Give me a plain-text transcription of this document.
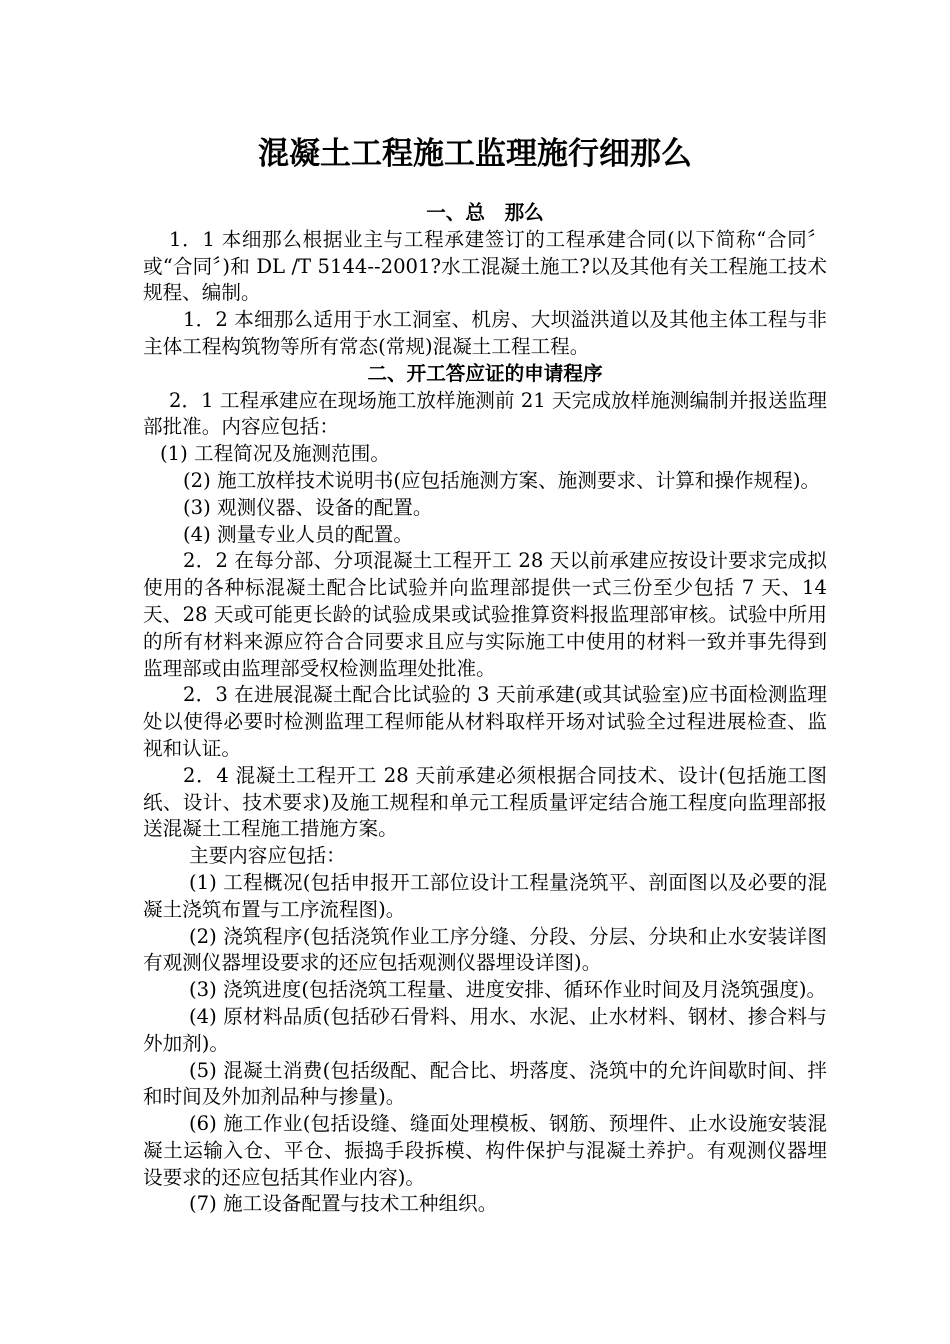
混凝土工程施工监理施行细那么

一、总　那么

1．1 本细那么根据业主与工程承建签订的工程承建合同(以下简称“合同〞或“合同〞)和 DL /T 5144--2001?水工混凝土施工?以及其他有关工程施工技术规程、编制。

1．2 本细那么适用于水工洞室、机房、大坝溢洪道以及其他主体工程与非主体工程构筑物等所有常态(常规)混凝土工程工程。

二、开工答应证的申请程序

2．1 工程承建应在现场施工放样施测前 21 天完成放样施测编制并报送监理部批准。内容应包括：

(1) 工程简况及施测范围。

(2) 施工放样技术说明书(应包括施测方案、施测要求、计算和操作规程)。

(3) 观测仪器、设备的配置。

(4) 测量专业人员的配置。

2．2 在每分部、分项混凝土工程开工 28 天以前承建应按设计要求完成拟使用的各种标混凝土配合比试验并向监理部提供一式三份至少包括 7 天、14 天、28 天或可能更长龄的试验成果或试验推算资料报监理部审核。试验中所用的所有材料来源应符合合同要求且应与实际施工中使用的材料一致并事先得到监理部或由监理部受权检测监理处批准。

2．3 在进展混凝土配合比试验的 3 天前承建(或其试验室)应书面检测监理处以使得必要时检测监理工程师能从材料取样开场对试验全过程进展检查、监视和认证。

2．4 混凝土工程开工 28 天前承建必须根据合同技术、设计(包括施工图纸、设计、技术要求)及施工规程和单元工程质量评定结合施工程度向监理部报送混凝土工程施工措施方案。

主要内容应包括：

(1) 工程概况(包括申报开工部位设计工程量浇筑平、剖面图以及必要的混凝土浇筑布置与工序流程图)。

(2) 浇筑程序(包括浇筑作业工序分缝、分段、分层、分块和止水安装详图有观测仪器埋设要求的还应包括观测仪器埋设详图)。

(3) 浇筑进度(包括浇筑工程量、进度安排、循环作业时间及月浇筑强度)。

(4) 原材料品质(包括砂石骨料、用水、水泥、止水材料、钢材、掺合料与外加剂)。

(5) 混凝土消费(包括级配、配合比、坍落度、浇筑中的允许间歇时间、拌和时间及外加剂品种与掺量)。

(6) 施工作业(包括设缝、缝面处理模板、钢筋、预埋件、止水设施安装混凝土运输入仓、平仓、振捣手段拆模、构件保护与混凝土养护。有观测仪器埋设要求的还应包括其作业内容)。

(7) 施工设备配置与技术工种组织。
